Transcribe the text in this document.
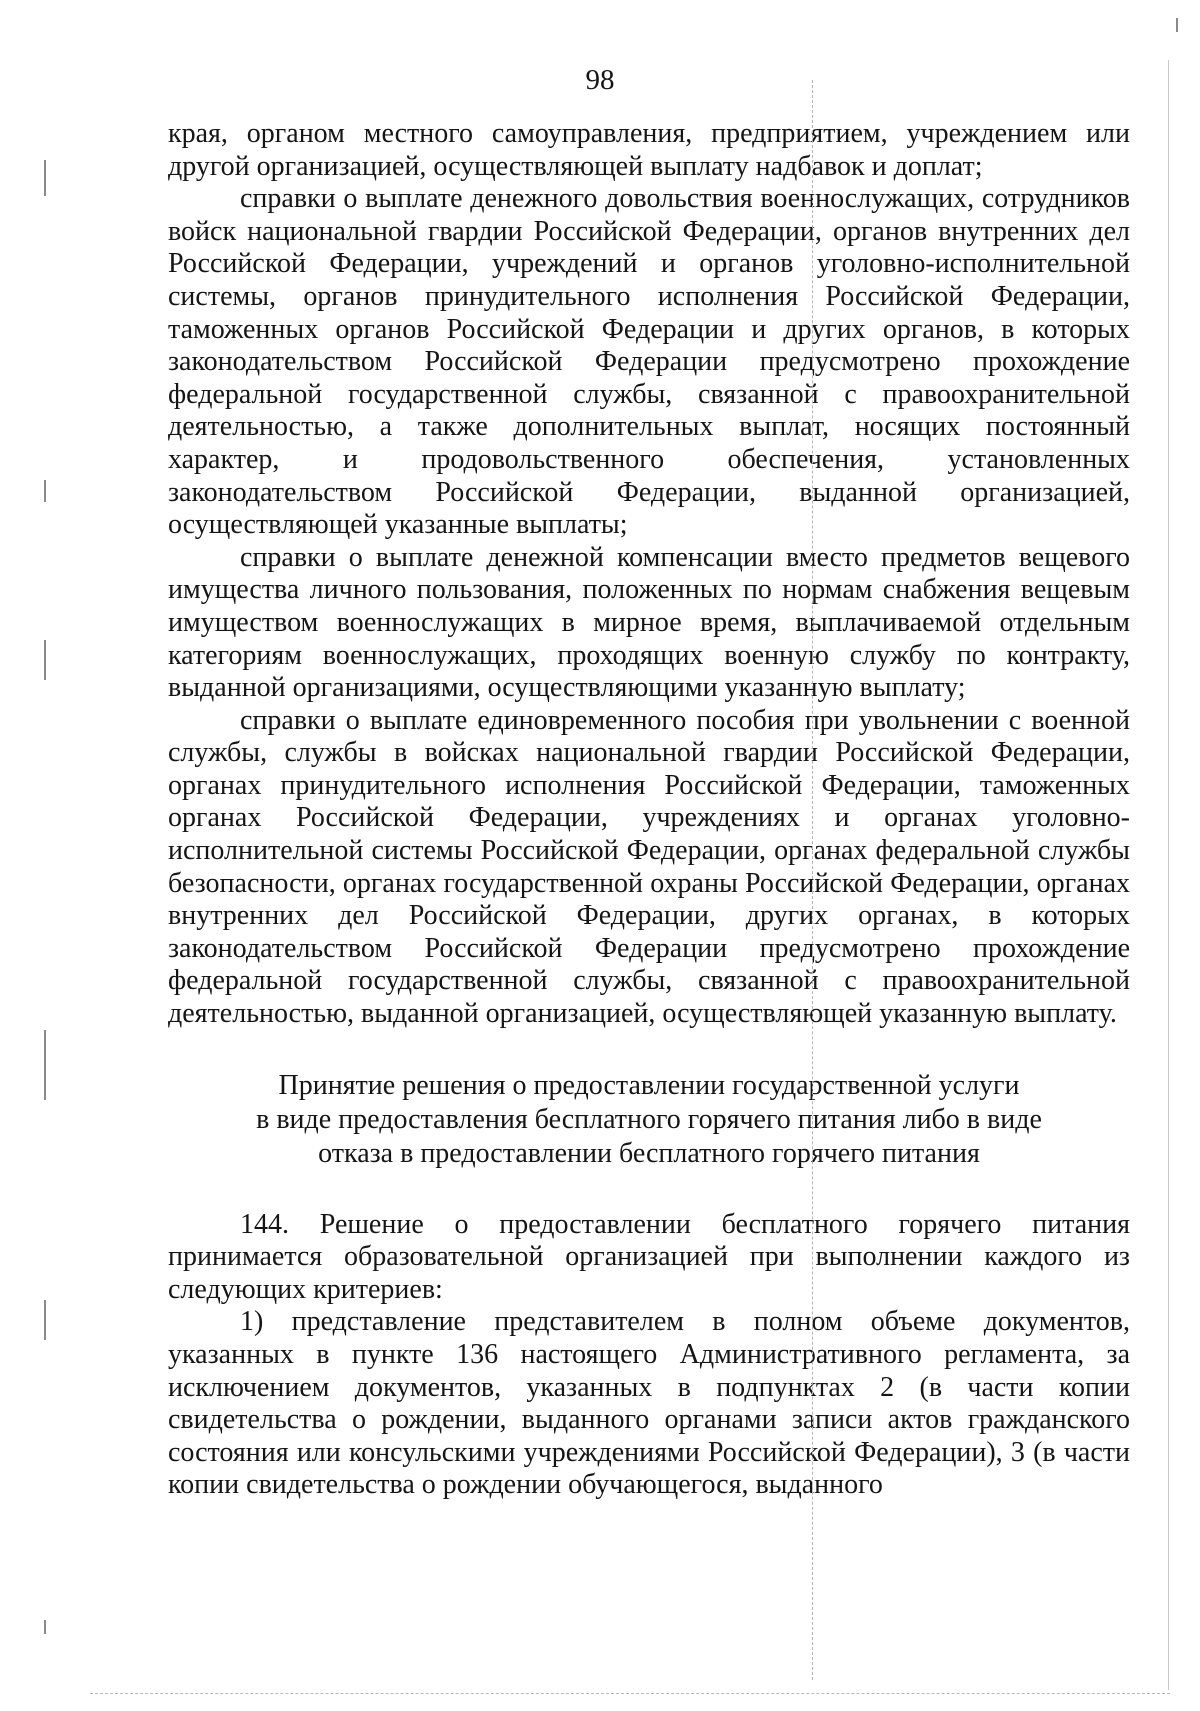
98

края, органом местного самоуправления, предприятием, учреждением или другой организацией, осуществляющей выплату надбавок и доплат;

справки о выплате денежного довольствия военнослужащих, сотрудников войск национальной гвардии Российской Федерации, органов внутренних дел Российской Федерации, учреждений и органов уголовно-исполнительной системы, органов принудительного исполнения Российской Федерации, таможенных органов Российской Федерации и других органов, в которых законодательством Российской Федерации предусмотрено прохождение федеральной государственной службы, связанной с правоохранительной деятельностью, а также дополнительных выплат, носящих постоянный характер, и продовольственного обеспечения, установленных законодательством Российской Федерации, выданной организацией, осуществляющей указанные выплаты;

справки о выплате денежной компенсации вместо предметов вещевого имущества личного пользования, положенных по нормам снабжения вещевым имуществом военнослужащих в мирное время, выплачиваемой отдельным категориям военнослужащих, проходящих военную службу по контракту, выданной организациями, осуществляющими указанную выплату;

справки о выплате единовременного пособия при увольнении с военной службы, службы в войсках национальной гвардии Российской Федерации, органах принудительного исполнения Российской Федерации, таможенных органах Российской Федерации, учреждениях и органах уголовно-исполнительной системы Российской Федерации, органах федеральной службы безопасности, органах государственной охраны Российской Федерации, органах внутренних дел Российской Федерации, других органах, в которых законодательством Российской Федерации предусмотрено прохождение федеральной государственной службы, связанной с правоохранительной деятельностью, выданной организацией, осуществляющей указанную выплату.

Принятие решения о предоставлении государственной услуги
в виде предоставления бесплатного горячего питания либо в виде
отказа в предоставлении бесплатного горячего питания

144. Решение о предоставлении бесплатного горячего питания принимается образовательной организацией при выполнении каждого из следующих критериев:

1) представление представителем в полном объеме документов, указанных в пункте 136 настоящего Административного регламента, за исключением документов, указанных в подпунктах 2 (в части копии свидетельства о рождении, выданного органами записи актов гражданского состояния или консульскими учреждениями Российской Федерации), 3 (в части копии свидетельства о рождении обучающегося, выданного
